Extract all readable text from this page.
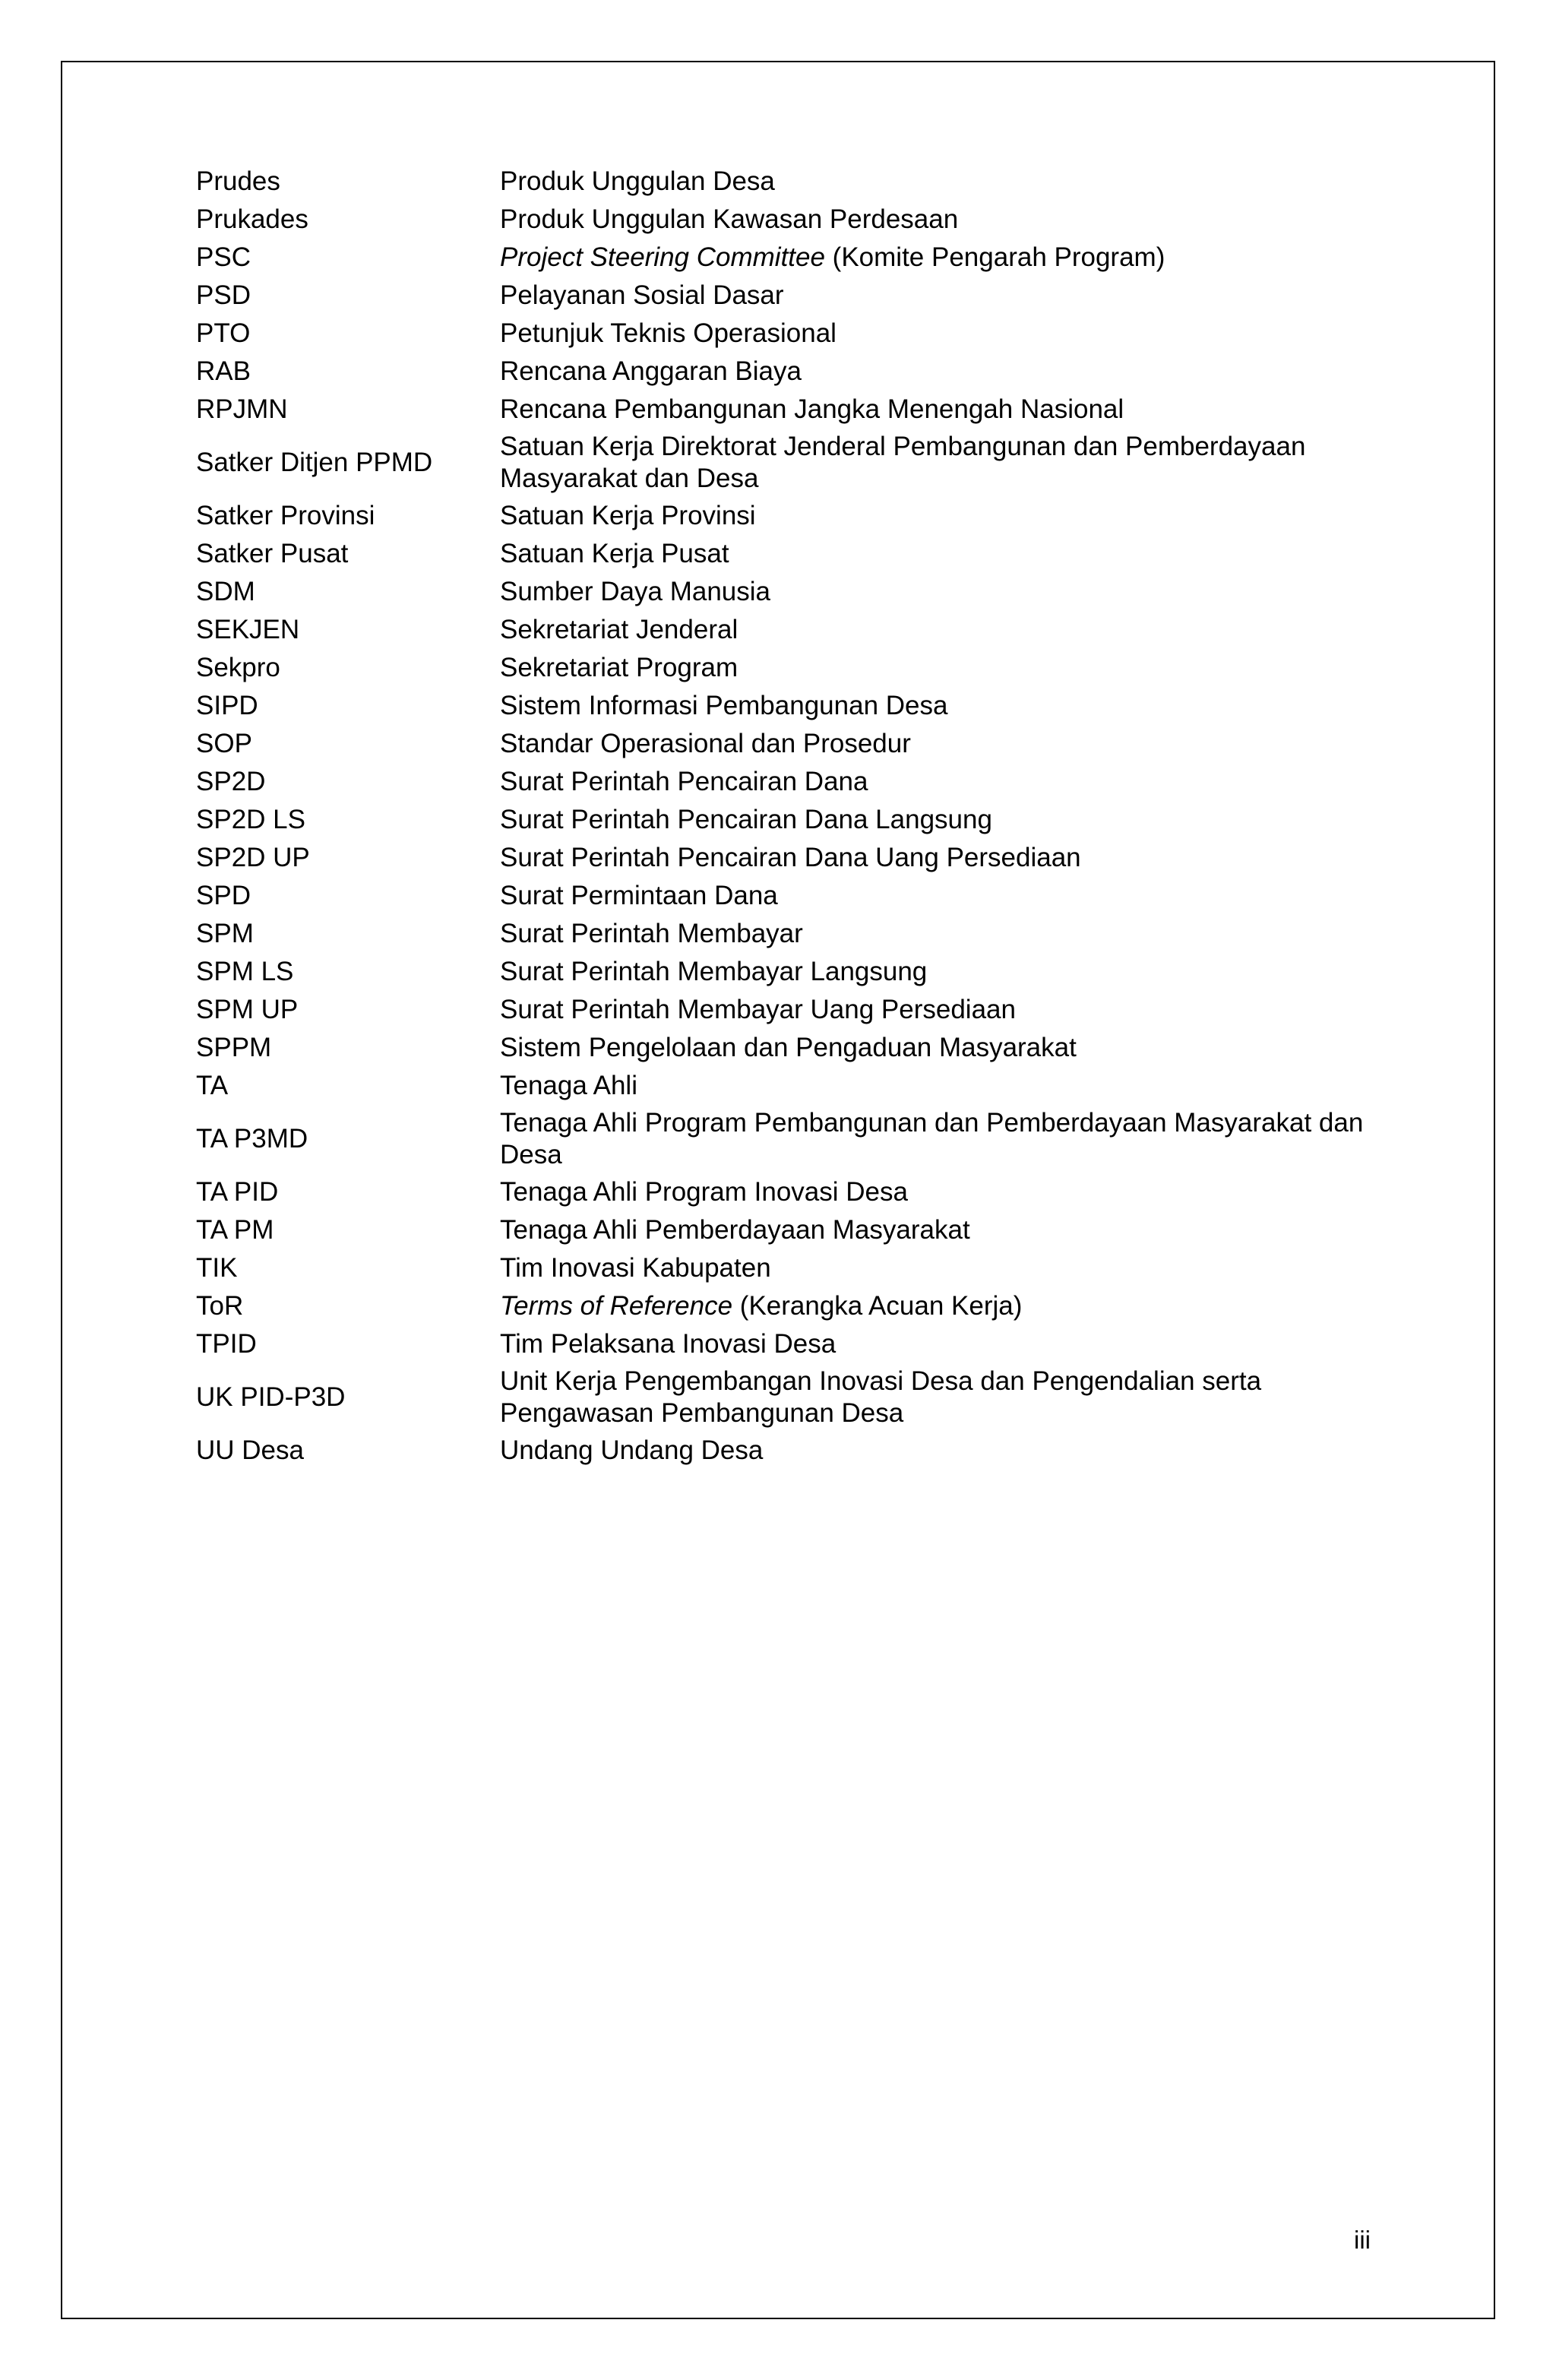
Prudes	Produk Unggulan Desa
Prukades	Produk Unggulan Kawasan Perdesaan
PSC	Project Steering Committee (Komite Pengarah Program)
PSD	Pelayanan Sosial Dasar
PTO	Petunjuk Teknis Operasional
RAB	Rencana Anggaran Biaya
RPJMN	Rencana Pembangunan Jangka Menengah Nasional
Satker Ditjen PPMD	Satuan Kerja Direktorat Jenderal Pembangunan dan Pemberdayaan Masyarakat dan Desa
Satker Provinsi	Satuan Kerja Provinsi
Satker Pusat	Satuan Kerja Pusat
SDM	Sumber Daya Manusia
SEKJEN	Sekretariat Jenderal
Sekpro	Sekretariat Program
SIPD	Sistem Informasi Pembangunan Desa
SOP	Standar Operasional dan Prosedur
SP2D	Surat Perintah Pencairan Dana
SP2D LS	Surat Perintah Pencairan Dana Langsung
SP2D UP	Surat Perintah Pencairan Dana Uang Persediaan
SPD	Surat Permintaan Dana
SPM	Surat Perintah Membayar
SPM LS	Surat Perintah Membayar Langsung
SPM UP	Surat Perintah Membayar Uang Persediaan
SPPM	Sistem Pengelolaan dan Pengaduan Masyarakat
TA	Tenaga Ahli
TA P3MD	Tenaga Ahli Program Pembangunan dan Pemberdayaan Masyarakat dan Desa
TA PID	Tenaga Ahli Program Inovasi Desa
TA PM	Tenaga Ahli Pemberdayaan Masyarakat
TIK	Tim Inovasi Kabupaten
ToR	Terms of Reference (Kerangka Acuan Kerja)
TPID	Tim Pelaksana Inovasi Desa
UK PID-P3D	Unit Kerja Pengembangan Inovasi Desa dan Pengendalian serta Pengawasan Pembangunan Desa
UU Desa	Undang Undang Desa
iii
